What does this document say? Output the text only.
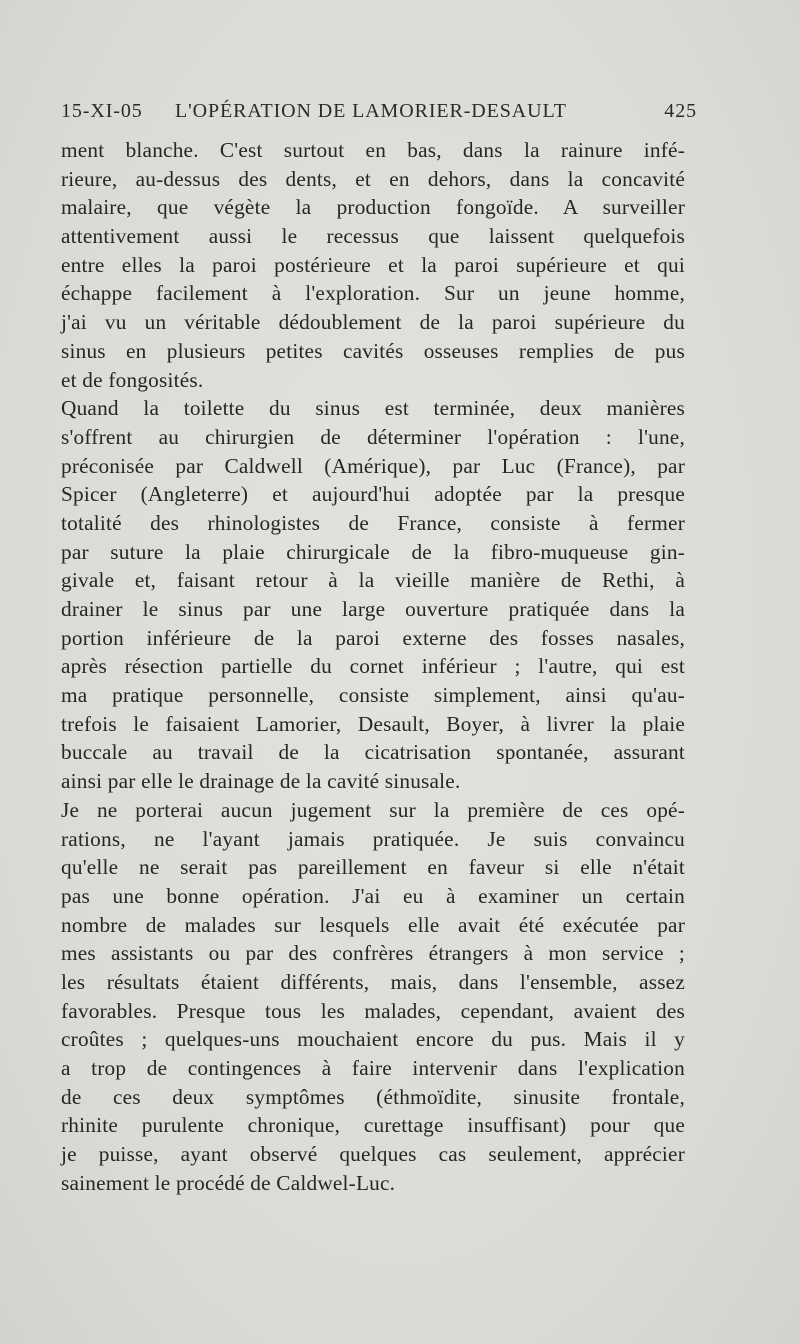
15-XI-05 L'OPÉRATION DE LAMORIER-DESAULT	425
ment blanche. C'est surtout en bas, dans la rainure infé-
rieure, au-dessus des dents, et en dehors, dans la concavité
malaire, que végète la production fongoïde. A surveiller
attentivement aussi le recessus que laissent quelquefois
entre elles la paroi postérieure et la paroi supérieure et qui
échappe facilement à l'exploration. Sur un jeune homme,
j'ai vu un véritable dédoublement de la paroi supérieure du
sinus en plusieurs petites cavités osseuses remplies de pus
et de fongosités.
Quand la toilette du sinus est terminée, deux manières
s'offrent au chirurgien de déterminer l'opération : l'une,
préconisée par Caldwell (Amérique), par Luc (France), par
Spicer (Angleterre) et aujourd'hui adoptée par la presque
totalité des rhinologistes de France, consiste à fermer
par suture la plaie chirurgicale de la fibro-muqueuse gin-
givale et, faisant retour à la vieille manière de Rethi, à
drainer le sinus par une large ouverture pratiquée dans la
portion inférieure de la paroi externe des fosses nasales,
après résection partielle du cornet inférieur ; l'autre, qui est
ma pratique personnelle, consiste simplement, ainsi qu'au-
trefois le faisaient Lamorier, Desault, Boyer, à livrer la plaie
buccale au travail de la cicatrisation spontanée, assurant
ainsi par elle le drainage de la cavité sinusale.
Je ne porterai aucun jugement sur la première de ces opé-
rations, ne l'ayant jamais pratiquée. Je suis convaincu
qu'elle ne serait pas pareillement en faveur si elle n'était
pas une bonne opération. J'ai eu à examiner un certain
nombre de malades sur lesquels elle avait été exécutée par
mes assistants ou par des confrères étrangers à mon service ;
les résultats étaient différents, mais, dans l'ensemble, assez
favorables. Presque tous les malades, cependant, avaient des
croûtes ; quelques-uns mouchaient encore du pus. Mais il y
a trop de contingences à faire intervenir dans l'explication
de ces deux symptômes (éthmoïdite, sinusite frontale,
rhinite purulente chronique, curettage insuffisant) pour que
je puisse, ayant observé quelques cas seulement, apprécier
sainement le procédé de Caldwel-Luc.
